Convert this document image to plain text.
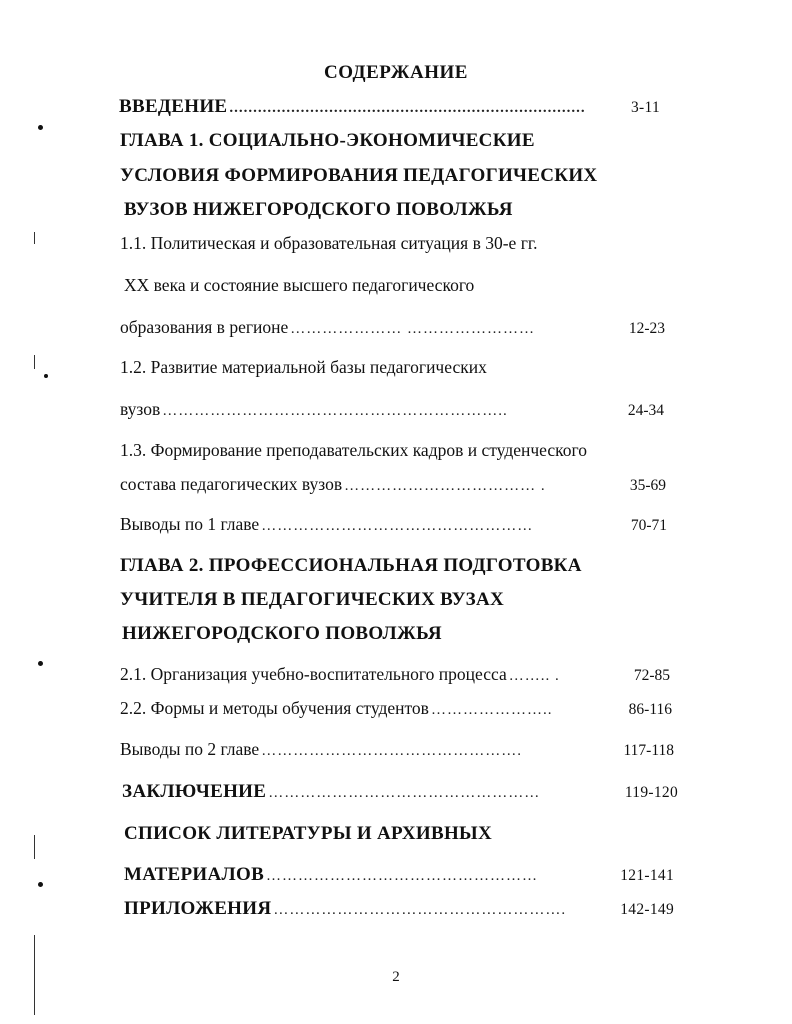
СОДЕРЖАНИЕ
ВВЕДЕНИЕ ...........................................................................	3-11
ГЛАВА 1. СОЦИАЛЬНО-ЭКОНОМИЧЕСКИЕ
УСЛОВИЯ ФОРМИРОВАНИЯ ПЕДАГОГИЧЕСКИХ
ВУЗОВ НИЖЕГОРОДСКОГО ПОВОЛЖЬЯ
1.1. Политическая и образовательная ситуация в 30-е гг.
XX века и состояние высшего педагогического
образования в регионе ………………… ……………………	12-23
1.2. Развитие материальной базы педагогических
вузов ………………………………………………………..	24-34
1.3. Формирование преподавательских кадров и студенческого
состава педагогических вузов ……………………………… .	35-69
Выводы по 1 главе ……………………………………………	70-71
ГЛАВА 2. ПРОФЕССИОНАЛЬНАЯ ПОДГОТОВКА
УЧИТЕЛЯ В ПЕДАГОГИЧЕСКИХ ВУЗАХ
НИЖЕГОРОДСКОГО ПОВОЛЖЬЯ
2.1. Организация учебно-воспитательного процесса …….. .	72-85
2.2. Формы и методы обучения студентов …………………..	86-116
Выводы по 2 главе ………………………………………….	117-118
ЗАКЛЮЧЕНИЕ ……………………………………………	119-120
СПИСОК ЛИТЕРАТУРЫ И АРХИВНЫХ
МАТЕРИАЛОВ ……………………………………………	121-141
ПРИЛОЖЕНИЯ ……………………………………………….	142-149
2
